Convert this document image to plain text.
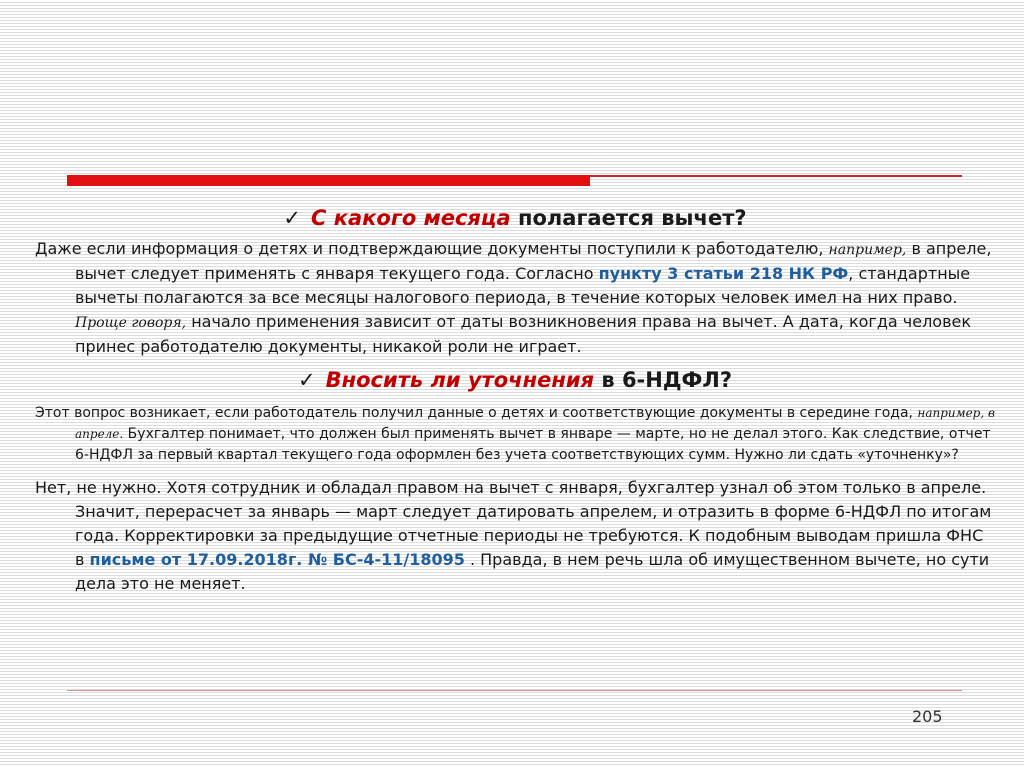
✓ С какого месяца полагается вычет?

Даже если информация о детях и подтверждающие документы поступили к работодателю, например, в апреле, вычет следует применять с января текущего года. Согласно пункту 3 статьи 218 НК РФ, стандартные вычеты полагаются за все месяцы налогового периода, в течение которых человек имел на них право. Проще говоря, начало применения зависит от даты возникновения права на вычет. А дата, когда человек принес работодателю документы, никакой роли не играет.

✓ Вносить ли уточнения в 6-НДФЛ?

Этот вопрос возникает, если работодатель получил данные о детях и соответствующие документы в середине года, например, в апреле. Бухгалтер понимает, что должен был применять вычет в январе — марте, но не делал этого. Как следствие, отчет 6-НДФЛ за первый квартал текущего года оформлен без учета соответствующих сумм. Нужно ли сдать «уточненку»?

Нет, не нужно. Хотя сотрудник и обладал правом на вычет с января, бухгалтер узнал об этом только в апреле. Значит, перерасчет за январь — март следует датировать апрелем, и отразить в форме 6-НДФЛ по итогам года. Корректировки за предыдущие отчетные периоды не требуются. К подобным выводам пришла ФНС в письме от 17.09.2018г. № БС-4-11/18095 . Правда, в нем речь шла об имущественном вычете, но сути дела это не меняет.

205
